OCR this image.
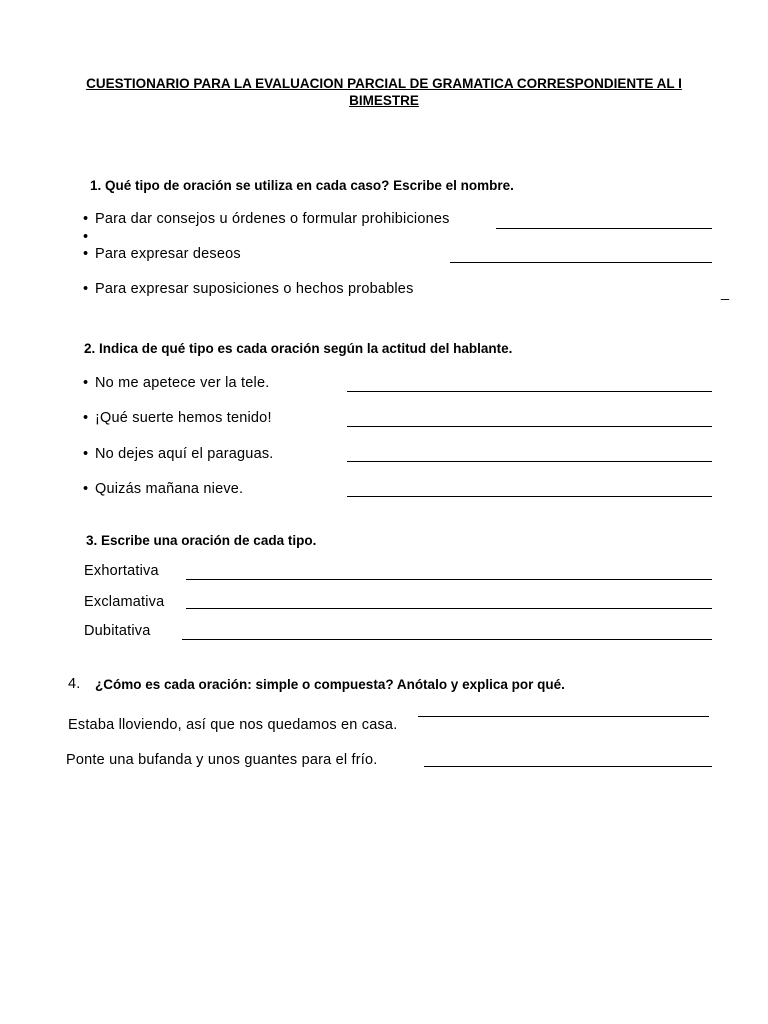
CUESTIONARIO PARA LA EVALUACION PARCIAL DE GRAMATICA CORRESPONDIENTE AL I
BIMESTRE
1. Qué tipo de oración se utiliza en cada caso? Escribe el nombre.
• Para dar consejos u órdenes o formular prohibiciones
•
• Para expresar deseos
• Para expresar suposiciones o hechos probables	_
2. Indica de qué tipo es cada oración según la actitud del hablante.
• No me apetece ver la tele.
• ¡Qué suerte hemos tenido!
• No dejes aquí el paraguas.
• Quizás mañana nieve.
3. Escribe una oración de cada tipo.
Exhortativa
Exclamativa
Dubitativa
4. ¿Cómo es cada oración: simple o compuesta? Anótalo y explica por qué.
Estaba lloviendo, así que nos quedamos en casa.
Ponte una bufanda y unos guantes para el frío.
